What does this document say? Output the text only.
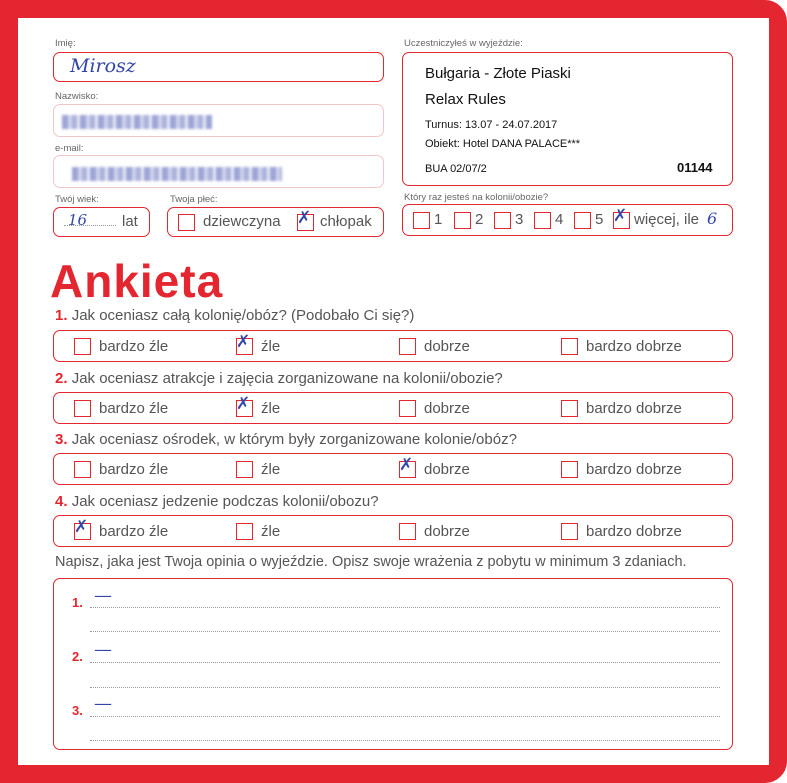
Imię:
Mirosz
Nazwisko:
e-mail:
Twój wiek:
16 lat
Twoja płeć:
dziewczyna ✗ chłopak
Uczestniczyłeś w wyjeździe:
Bułgaria - Złote Piaski
Relax Rules
Turnus: 13.07 - 24.07.2017
Obiekt: Hotel DANA PALACE***
BUA 02/07/2	01144
Który raz jesteś na kolonii/obozie?
1 2 3 4 5 ✗ więcej, ile 6
Ankieta
1. Jak oceniasz całą kolonię/obóz? (Podobało Ci się?)
bardzo źle	✗ źle	dobrze	bardzo dobrze
2. Jak oceniasz atrakcje i zajęcia zorganizowane na kolonii/obozie?
bardzo źle	✗ źle	dobrze	bardzo dobrze
3. Jak oceniasz ośrodek, w którym były zorganizowane kolonie/obóz?
bardzo źle	źle	✗ dobrze	bardzo dobrze
4. Jak oceniasz jedzenie podczas kolonii/obozu?
✗ bardzo źle	źle	dobrze	bardzo dobrze
Napisz, jaka jest Twoja opinia o wyjeździe. Opisz swoje wrażenia z pobytu w minimum 3 zdaniach.
1. —
2. —
3. —
